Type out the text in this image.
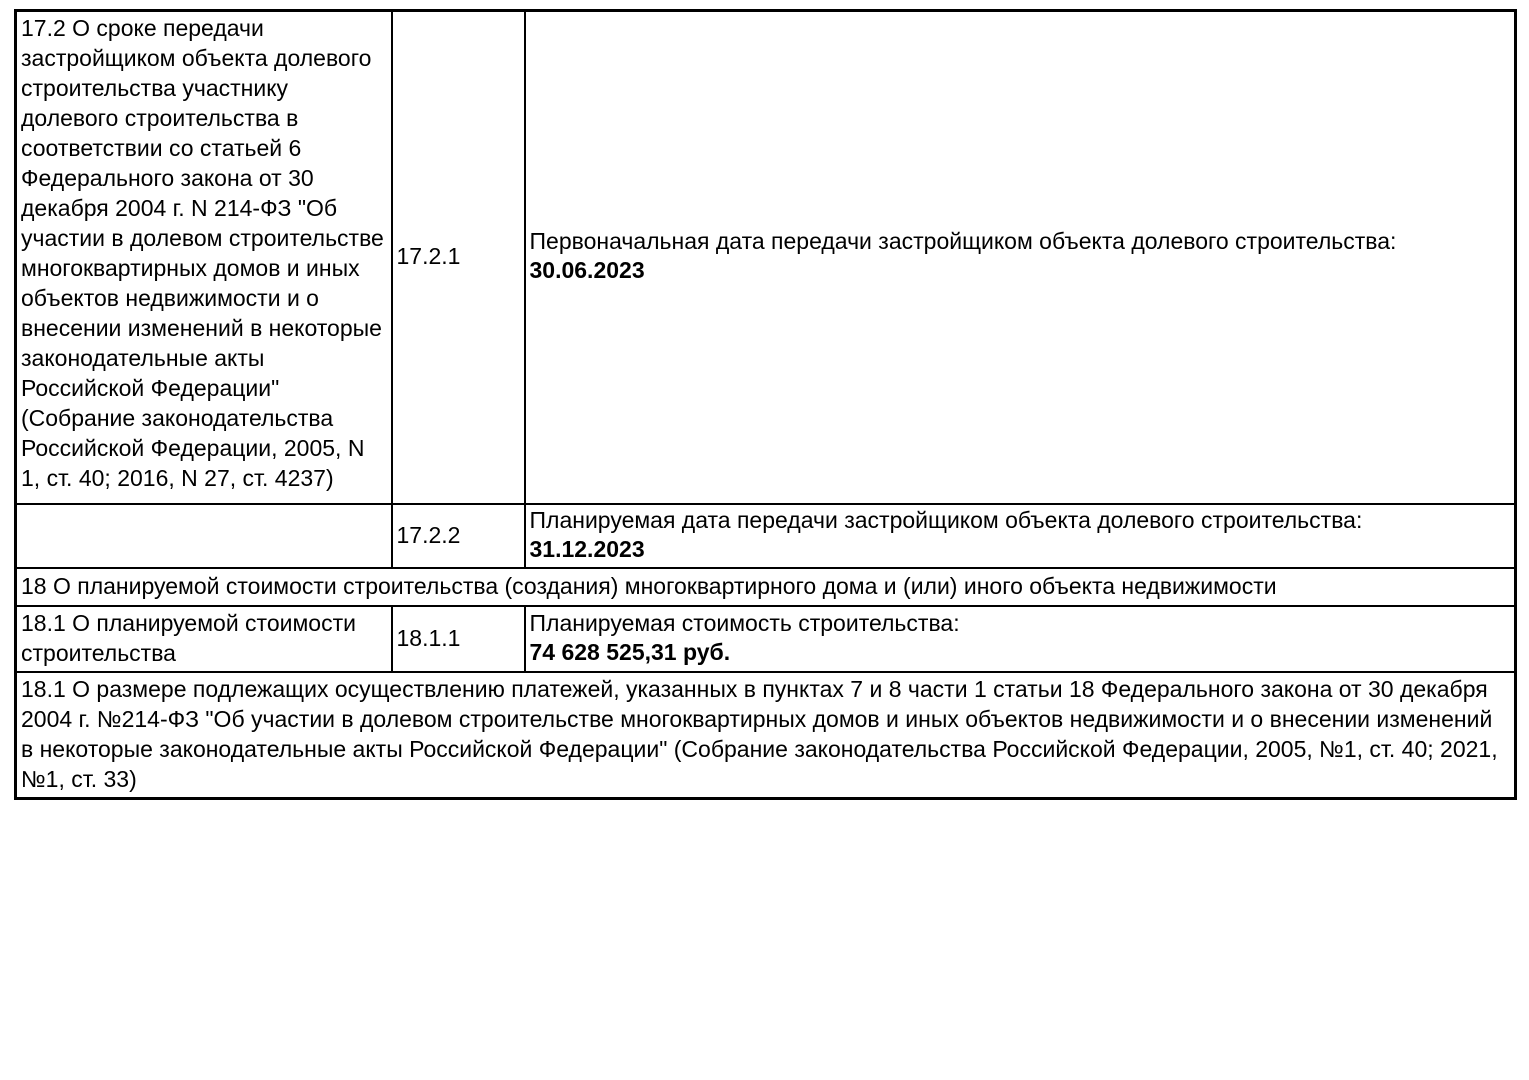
17.2 О сроке передачи застройщиком объекта долевого строительства участнику долевого строительства в соответствии со статьей 6 Федерального закона от 30 декабря 2004 г. N 214-ФЗ "Об участии в долевом строительстве многоквартирных домов и иных объектов недвижимости и о внесении изменений в некоторые законодательные акты Российской Федерации" (Собрание законодательства Российской Федерации, 2005, N 1, ст. 40; 2016, N 27, ст. 4237)	17.2.1	Первоначальная дата передачи застройщиком объекта долевого строительства:
30.06.2023

	17.2.2	Планируемая дата передачи застройщиком объекта долевого строительства:
31.12.2023

18 О планируемой стоимости строительства (создания) многоквартирного дома и (или) иного объекта недвижимости		
18.1 О планируемой стоимости строительства	18.1.1	Планируемая стоимость строительства:
74 628 525,31 руб.

18.1 О размере подлежащих осуществлению платежей, указанных в пунктах 7 и 8 части 1 статьи 18 Федерального закона от 30 декабря 2004 г. №214-ФЗ "Об участии в долевом строительстве многоквартирных домов и иных объектов недвижимости и о внесении изменений в некоторые законодательные акты Российской Федерации" (Собрание законодательства Российской Федерации, 2005, №1, ст. 40; 2021, №1, ст. 33)		
